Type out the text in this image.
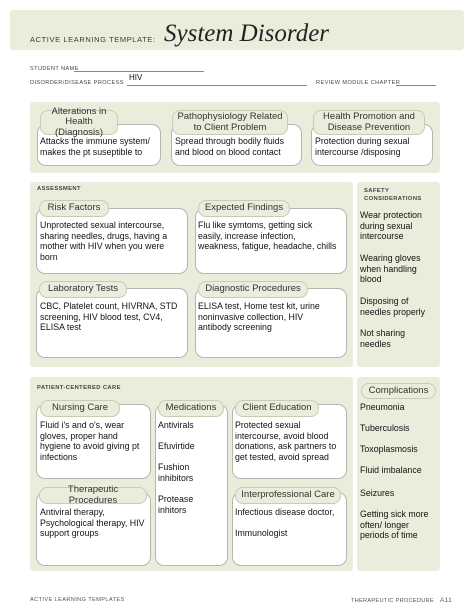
ACTIVE LEARNING TEMPLATE: System Disorder
STUDENT NAME
DISORDER/DISEASE PROCESS
HIV
REVIEW MODULE CHAPTER
Alterations in Health (Diagnosis)
Attacks the immune system/
makes the pt suseptible to
Pathophysiology Related to Client Problem
Spread through bodily fluids
and blood on blood contact
Health Promotion and Disease Prevention
Protection during sexual
intercourse /disposing
ASSESSMENT
Risk Factors
Unprotected sexual intercourse,
sharing needles, drugs, having a
mother with HIV when you were
born
Expected Findings
Flu like symtoms, getting sick
easily, increase infection,
weakness, fatigue, headache, chills
Laboratory Tests
CBC, Platelet count, HIVRNA, STD
screening, HIV blood test, CV4,
ELISA test
Diagnostic Procedures
ELISA test, Home test kit, urine
noninvasive collection, HIV
antibody screening
SAFETY
CONSIDERATIONS
Wear protection
during sexual
intercourse
Wearing gloves
when handling
blood
Disposing of
needles properly
Not sharing
needles
PATIENT-CENTERED CARE
Nursing Care
Fluid i's and o's, wear
gloves, proper hand
hygiene to avoid giving pt
infections
Medications
Antivirals

Efuvirtide

Fushion
inhibitors

Protease
inhitors
Client Education
Protected sexual
intercourse, avoid blood
donations, ask partners to
get tested, avoid spread
Therapeutic Procedures
Antiviral therapy,
Psychological therapy, HIV
support groups
Interprofessional Care
Infectious disease doctor,

Immunologist
Complications
Pneumonia
Tuberculosis
Toxoplasmosis
Fluid imbalance
Seizures
Getting sick more
often/ longer
periods of time
ACTIVE LEARNING TEMPLATES	THERAPEUTIC PROCEDURE A11
